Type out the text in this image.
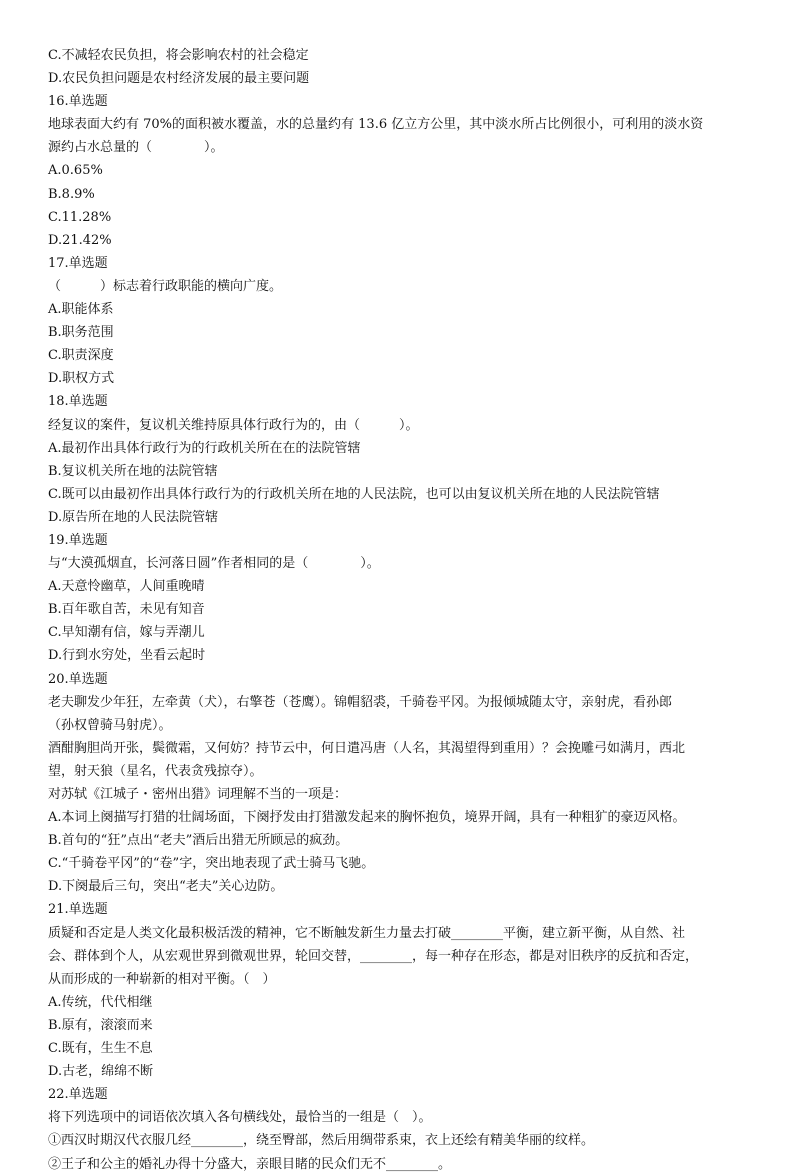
C.不减轻农民负担，将会影响农村的社会稳定
D.农民负担问题是农村经济发展的最主要问题
16.单选题
地球表面大约有 70%的面积被水覆盖，水的总量约有 13.6 亿立方公里，其中淡水所占比例很小，可利用的淡水资
源约占水总量的（　　　　）。
A.0.65%
B.8.9%
C.11.28%
D.21.42%
17.单选题
（　　　）标志着行政职能的横向广度。
A.职能体系
B.职务范围
C.职责深度
D.职权方式
18.单选题
经复议的案件，复议机关维持原具体行政行为的，由（　　　）。
A.最初作出具体行政行为的行政机关所在在的法院管辖
B.复议机关所在地的法院管辖
C.既可以由最初作出具体行政行为的行政机关所在地的人民法院，也可以由复议机关所在地的人民法院管辖
D.原告所在地的人民法院管辖
19.单选题
与“大漠孤烟直，长河落日圆”作者相同的是（　　　　）。
A.天意怜幽草，人间重晚晴
B.百年歌自苦，未见有知音
C.早知潮有信，嫁与弄潮儿
D.行到水穷处，坐看云起时
20.单选题
老夫聊发少年狂，左牵黄（犬），右擎苍（苍鹰）。锦帽貂裘，千骑卷平冈。为报倾城随太守，亲射虎，看孙郎
（孙权曾骑马射虎）。
酒酣胸胆尚开张，鬓微霜，又何妨？持节云中，何日遣冯唐（人名，其渴望得到重用）？会挽雕弓如满月，西北
望，射天狼（星名，代表贪残掠夺）。
对苏轼《江城子・密州出猎》词理解不当的一项是：
A.本词上阕描写打猎的壮阔场面，下阕抒发由打猎激发起来的胸怀抱负，境界开阔，具有一种粗犷的豪迈风格。
B.首句的“狂”点出“老夫”酒后出猎无所顾忌的疯劲。
C.“千骑卷平冈”的“卷”字，突出地表现了武士骑马飞驰。
D.下阕最后三句，突出“老夫”关心边防。
21.单选题
质疑和否定是人类文化最积极活泼的精神，它不断触发新生力量去打破________平衡，建立新平衡，从自然、社
会、群体到个人，从宏观世界到微观世界，轮回交替，________，每一种存在形态，都是对旧秩序的反抗和否定，
从而形成的一种崭新的相对平衡。（　）
A.传统，代代相继
B.原有，滚滚而来
C.既有，生生不息
D.古老，绵绵不断
22.单选题
将下列选项中的词语依次填入各句横线处，最恰当的一组是（　）。
①西汉时期汉代衣服几经________，绕至臀部，然后用绸带系束，衣上还绘有精美华丽的纹样。
②王子和公主的婚礼办得十分盛大，亲眼目睹的民众们无不________。
